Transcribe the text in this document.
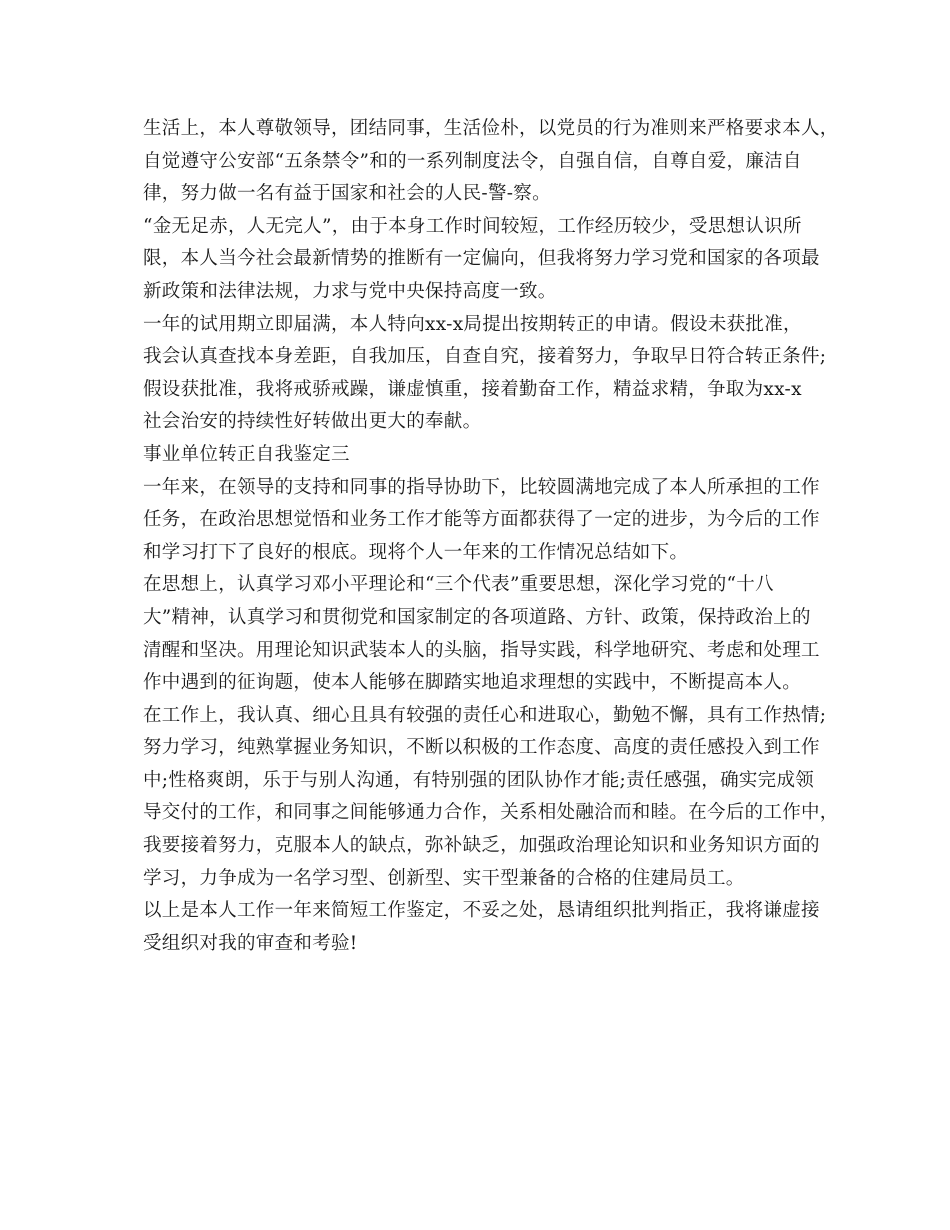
生活上，本人尊敬领导，团结同事，生活俭朴，以党员的行为准则来严格要求本人，
自觉遵守公安部“五条禁令”和的一系列制度法令，自强自信，自尊自爱，廉洁自
律，努力做一名有益于国家和社会的人民-警-察。
“金无足赤，人无完人”，由于本身工作时间较短，工作经历较少，受思想认识所
限，本人当今社会最新情势的推断有一定偏向，但我将努力学习党和国家的各项最
新政策和法律法规，力求与党中央保持高度一致。
一年的试用期立即届满，本人特向xx-x局提出按期转正的申请。假设未获批准，
我会认真查找本身差距，自我加压，自查自究，接着努力，争取早日符合转正条件;
假设获批准，我将戒骄戒躁，谦虚慎重，接着勤奋工作，精益求精，争取为xx-x
社会治安的持续性好转做出更大的奉献。
事业单位转正自我鉴定三
一年来，在领导的支持和同事的指导协助下，比较圆满地完成了本人所承担的工作
任务，在政治思想觉悟和业务工作才能等方面都获得了一定的进步，为今后的工作
和学习打下了良好的根底。现将个人一年来的工作情况总结如下。
在思想上，认真学习邓小平理论和“三个代表”重要思想，深化学习党的“十八
大”精神，认真学习和贯彻党和国家制定的各项道路、方针、政策，保持政治上的
清醒和坚决。用理论知识武装本人的头脑，指导实践，科学地研究、考虑和处理工
作中遇到的征询题，使本人能够在脚踏实地追求理想的实践中，不断提高本人。
在工作上，我认真、细心且具有较强的责任心和进取心，勤勉不懈，具有工作热情;
努力学习，纯熟掌握业务知识，不断以积极的工作态度、高度的责任感投入到工作
中;性格爽朗，乐于与别人沟通，有特别强的团队协作才能;责任感强，确实完成领
导交付的工作，和同事之间能够通力合作，关系相处融洽而和睦。在今后的工作中，
我要接着努力，克服本人的缺点，弥补缺乏，加强政治理论知识和业务知识方面的
学习，力争成为一名学习型、创新型、实干型兼备的合格的住建局员工。
以上是本人工作一年来简短工作鉴定，不妥之处，恳请组织批判指正，我将谦虚接
受组织对我的审查和考验!
